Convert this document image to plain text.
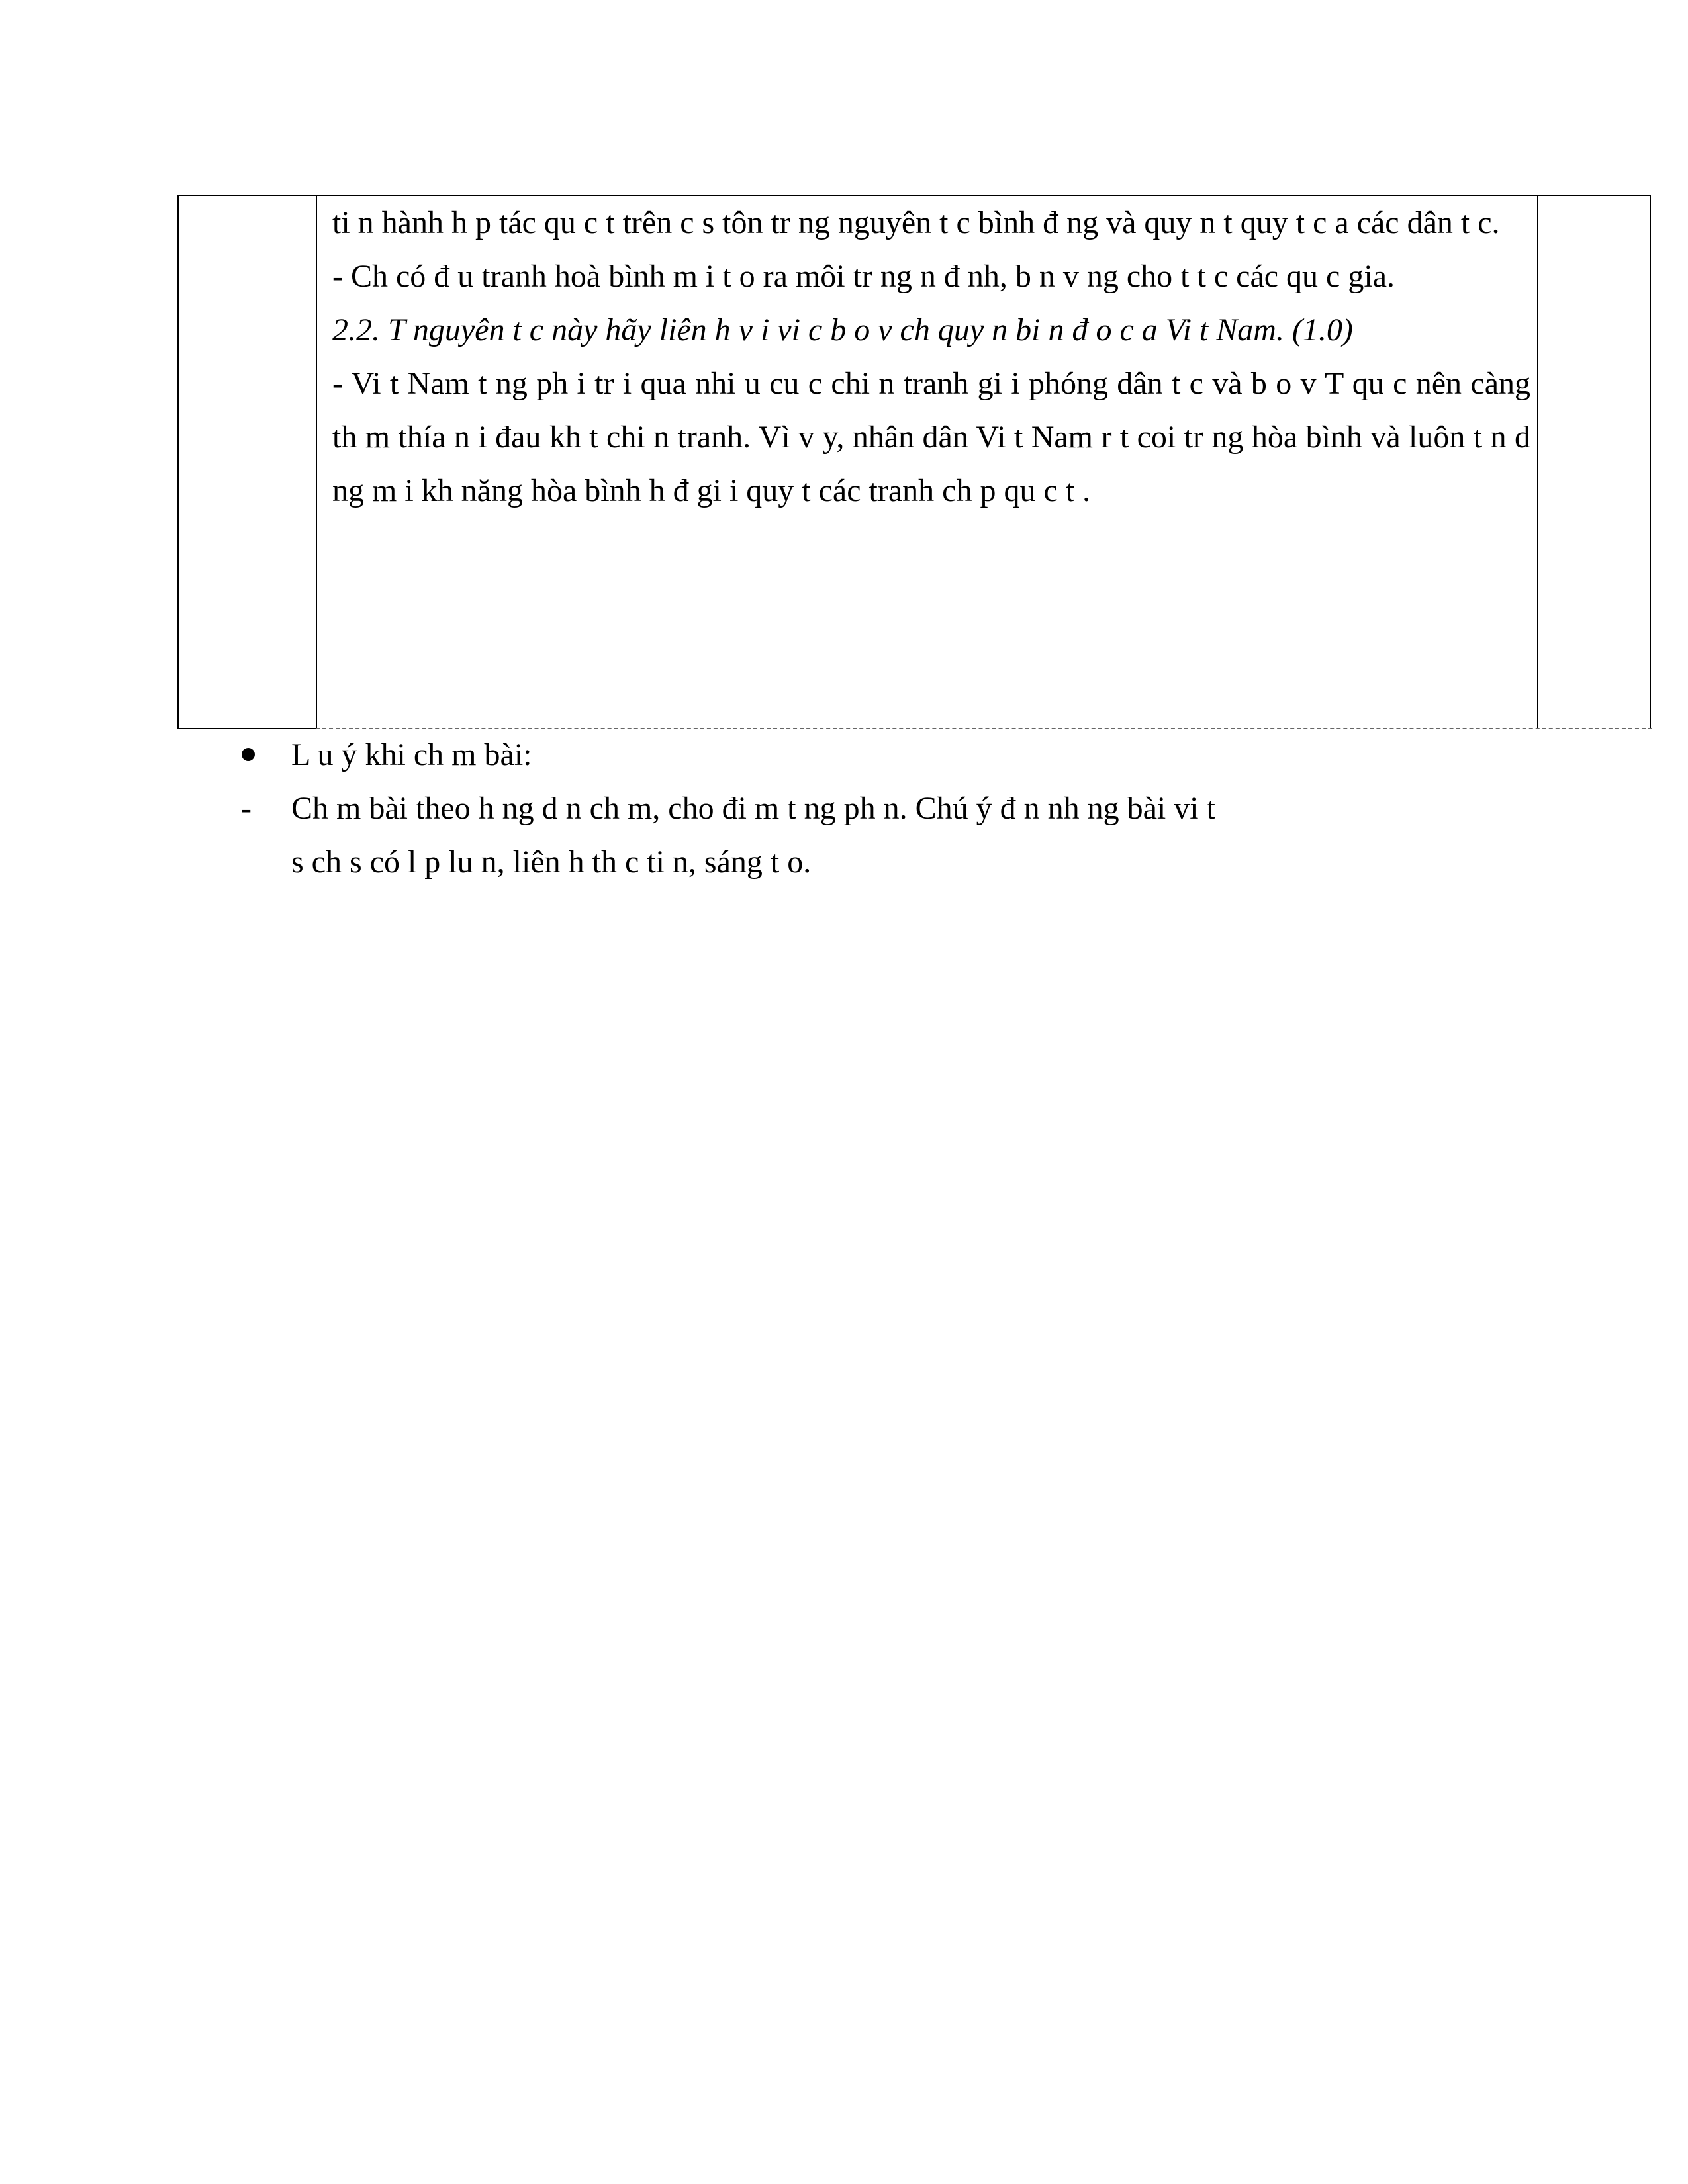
ti n hành h p tác qu c t trên c s tôn tr ng nguyên t c bình đ ng và quy n t quy t c a các dân t c.

- Ch có đ u tranh hoà bình m i t o ra môi tr ng n đ nh, b n v ng cho t t c các qu c gia.

2.2. T nguyên t c này hãy liên h v i vi c b o v ch quy n bi n đ o c a Vi t Nam. (1.0)

- Vi t Nam t ng ph i tr i qua nhi u cu c chi n tranh gi i phóng dân t c và b o v T qu c nên càng th m thía n i đau kh t chi n tranh. Vì v y, nhân dân Vi t Nam r t coi tr ng hòa bình và luôn t n d ng m i kh năng hòa bình h đ gi i quy t các tranh ch p qu c t .

L u ý khi ch m bài:
- Ch m bài theo h ng d n ch m, cho đi m t ng ph n. Chú ý đ n nh ng bài vi t
s ch s có l p lu n, liên h th c ti n, sáng t o.
